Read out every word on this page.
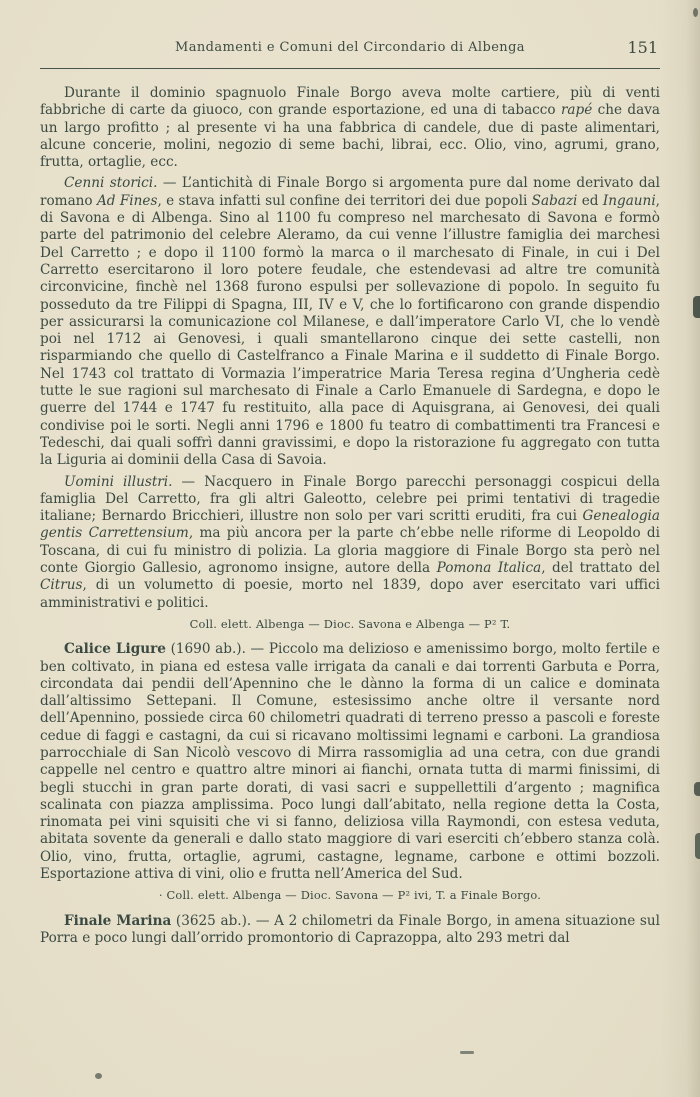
Mandamenti e Comuni del Circondario di Albenga	151

Durante il dominio spagnuolo Finale Borgo aveva molte cartiere, più di venti fabbriche di carte da giuoco, con grande esportazione, ed una di tabacco rapé che dava un largo profitto ; al presente vi ha una fabbrica di candele, due di paste alimentari, alcune concerie, molini, negozio di seme bachi, librai, ecc. Olio, vino, agrumi, grano, frutta, ortaglie, ecc.

Cenni storici. — L’antichità di Finale Borgo si argomenta pure dal nome derivato dal romano Ad Fines, e stava infatti sul confine dei territori dei due popoli Sabazi ed Ingauni, di Savona e di Albenga. Sino al 1100 fu compreso nel marchesato di Savona e formò parte del patrimonio del celebre Aleramo, da cui venne l’illustre famiglia dei marchesi Del Carretto ; e dopo il 1100 formò la marca o il marchesato di Finale, in cui i Del Carretto esercitarono il loro potere feudale, che estendevasi ad altre tre comunità circonvicine, finchè nel 1368 furono espulsi per sollevazione di popolo. In seguito fu posseduto da tre Filippi di Spagna, III, IV e V, che lo fortificarono con grande dispendio per assicurarsi la comunicazione col Milanese, e dall’imperatore Carlo VI, che lo vendè poi nel 1712 ai Genovesi, i quali smantellarono cinque dei sette castelli, non risparmiando che quello di Castelfranco a Finale Marina e il suddetto di Finale Borgo. Nel 1743 col trattato di Vormazia l’imperatrice Maria Teresa regina d’Ungheria cedè tutte le sue ragioni sul marchesato di Finale a Carlo Emanuele di Sardegna, e dopo le guerre del 1744 e 1747 fu restituito, alla pace di Aquisgrana, ai Genovesi, dei quali condivise poi le sorti. Negli anni 1796 e 1800 fu teatro di combattimenti tra Francesi e Tedeschi, dai quali soffrì danni gravissimi, e dopo la ristorazione fu aggregato con tutta la Liguria ai dominii della Casa di Savoia.

Uomini illustri. — Nacquero in Finale Borgo parecchi personaggi cospicui della famiglia Del Carretto, fra gli altri Galeotto, celebre pei primi tentativi di tragedie italiane; Bernardo Bricchieri, illustre non solo per vari scritti eruditi, fra cui Genealogia gentis Carrettensium, ma più ancora per la parte ch’ebbe nelle riforme di Leopoldo di Toscana, di cui fu ministro di polizia. La gloria maggiore di Finale Borgo sta però nel conte Giorgio Gallesio, agronomo insigne, autore della Pomona Italica, del trattato del Citrus, di un volumetto di poesie, morto nel 1839, dopo aver esercitato vari uffici amministrativi e politici.

Coll. elett. Albenga — Dioc. Savona e Albenga — P² T.

Calice Ligure (1690 ab.). — Piccolo ma delizioso e amenissimo borgo, molto fertile e ben coltivato, in piana ed estesa valle irrigata da canali e dai torrenti Garbuta e Porra, circondata dai pendii dell’Apennino che le dànno la forma di un calice e dominata dall’altissimo Settepani. Il Comune, estesissimo anche oltre il versante nord dell’Apennino, possiede circa 60 chilometri quadrati di terreno presso a pascoli e foreste cedue di faggi e castagni, da cui si ricavano moltissimi legnami e carboni. La grandiosa parrocchiale di San Nicolò vescovo di Mirra rassomiglia ad una cetra, con due grandi cappelle nel centro e quattro altre minori ai fianchi, ornata tutta di marmi finissimi, di begli stucchi in gran parte dorati, di vasi sacri e suppellettili d’argento ; magnifica scalinata con piazza amplissima. Poco lungi dall’abitato, nella regione detta la Costa, rinomata pei vini squisiti che vi si fanno, deliziosa villa Raymondi, con estesa veduta, abitata sovente da generali e dallo stato maggiore di vari eserciti ch’ebbero stanza colà. Olio, vino, frutta, ortaglie, agrumi, castagne, legname, carbone e ottimi bozzoli. Esportazione attiva di vini, olio e frutta nell’America del Sud.

· Coll. elett. Albenga — Dioc. Savona — P² ivi, T. a Finale Borgo.

Finale Marina (3625 ab.). — A 2 chilometri da Finale Borgo, in amena situazione sul Porra e poco lungi dall’orrido promontorio di Caprazoppa, alto 293 metri dal
